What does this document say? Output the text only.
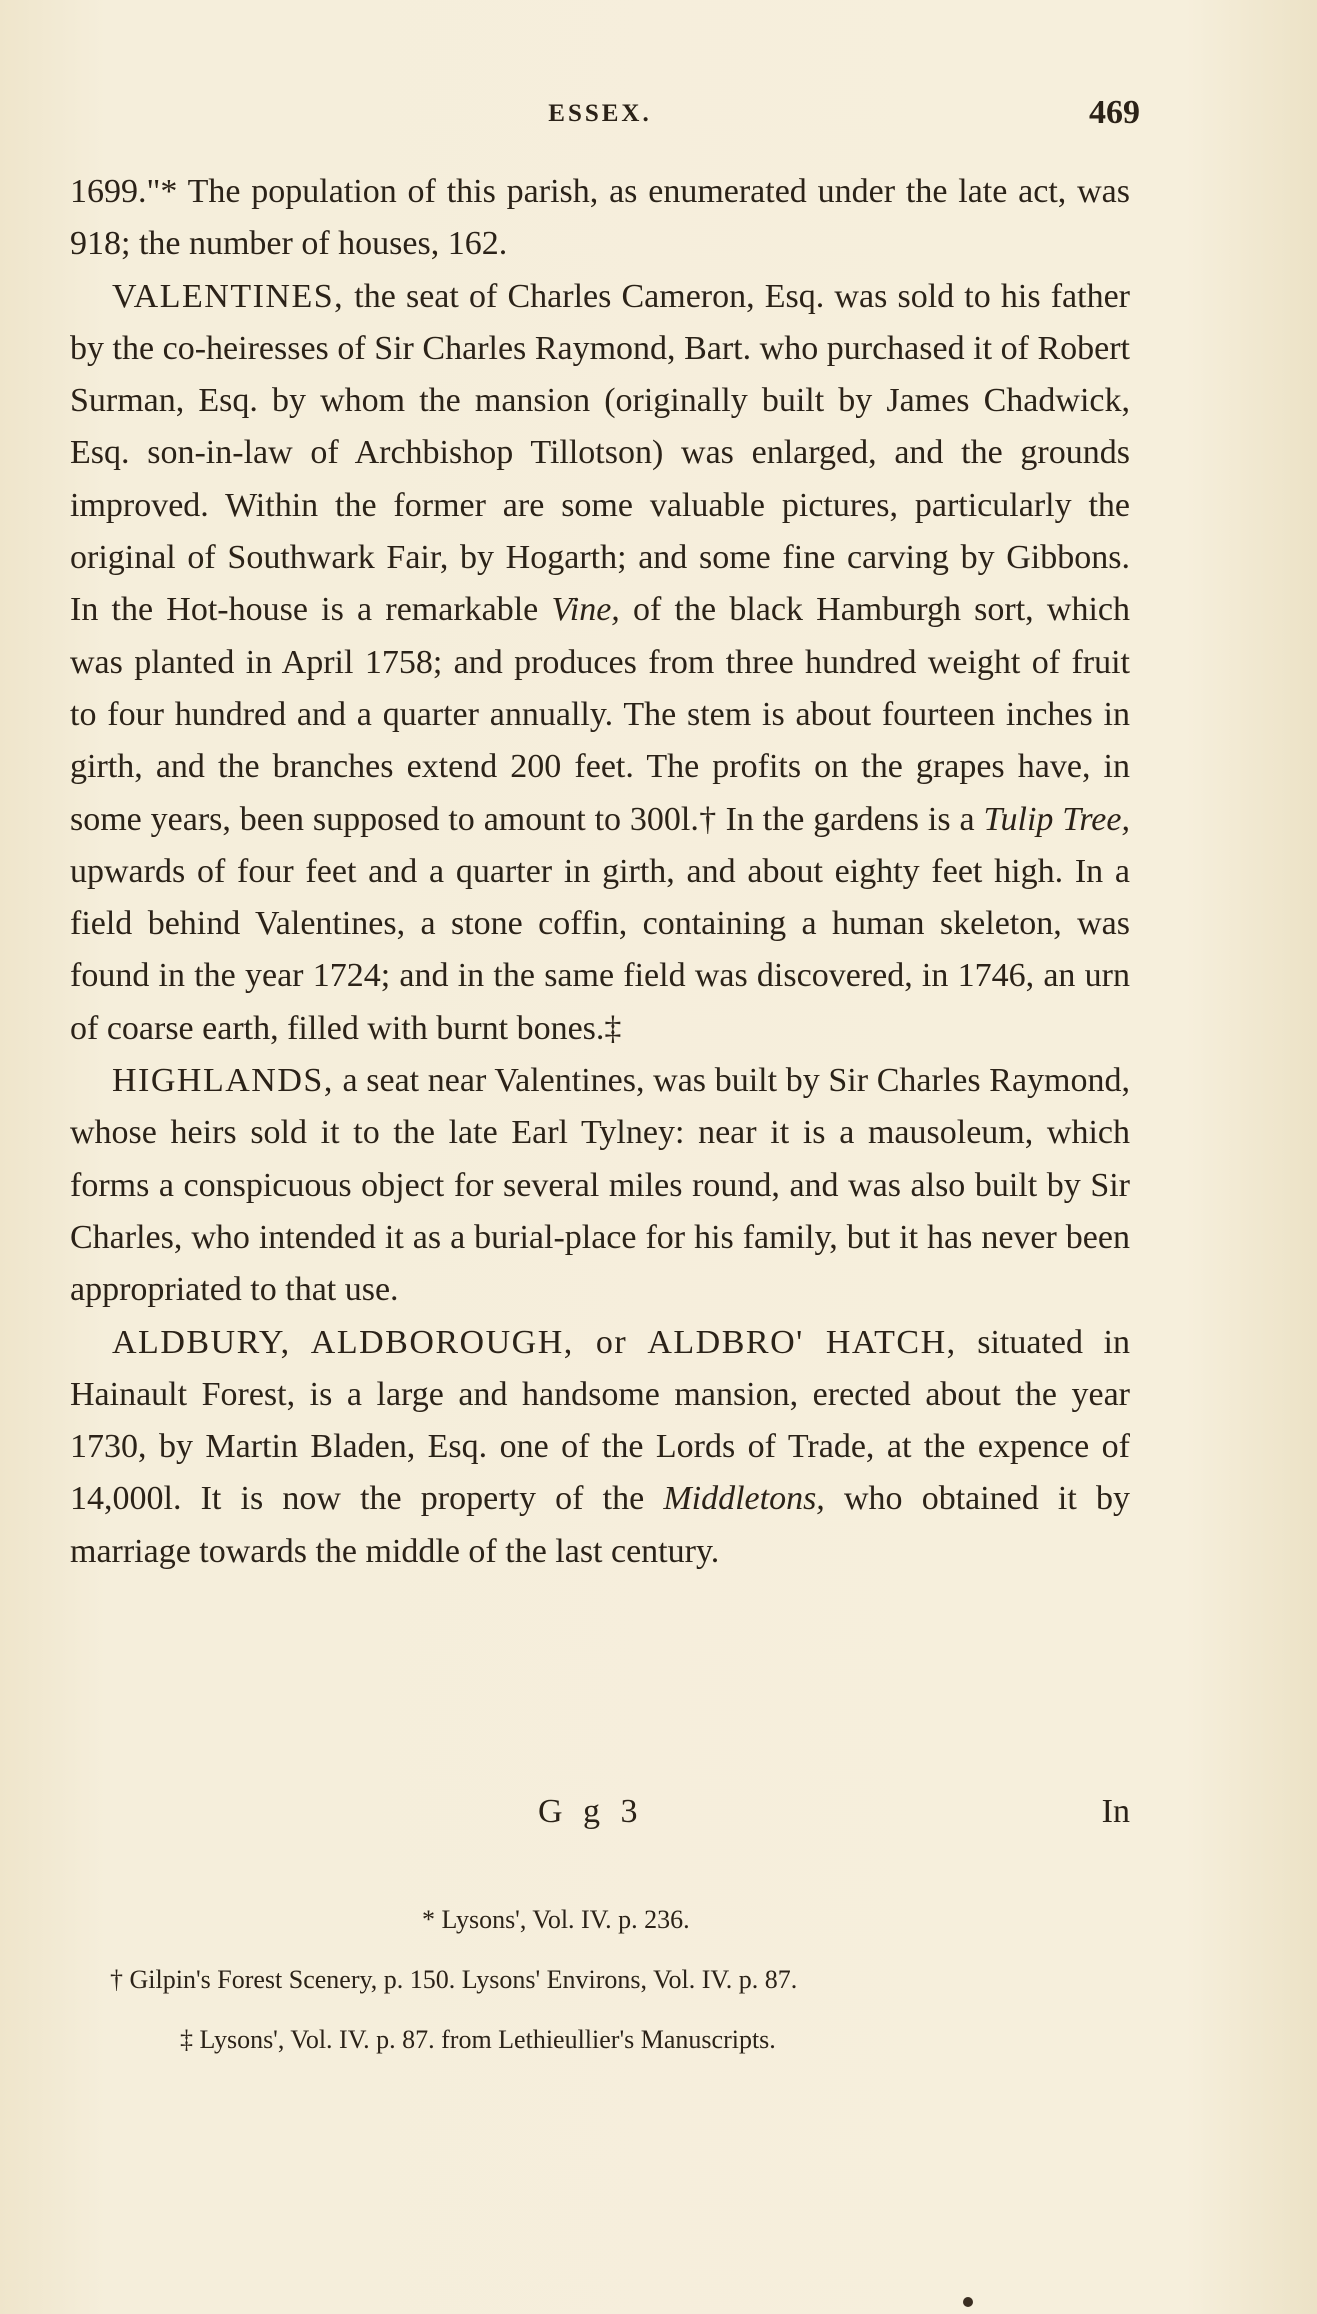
ESSEX.	469

1699."* The population of this parish, as enumerated under the late act, was 918; the number of houses, 162.

VALENTINES, the seat of Charles Cameron, Esq. was sold to his father by the co-heiresses of Sir Charles Raymond, Bart. who purchased it of Robert Surman, Esq. by whom the mansion (originally built by James Chadwick, Esq. son-in-law of Archbishop Tillotson) was enlarged, and the grounds improved. Within the former are some valuable pictures, particularly the original of Southwark Fair, by Hogarth; and some fine carving by Gibbons. In the Hot-house is a remarkable Vine, of the black Hamburgh sort, which was planted in April 1758; and produces from three hundred weight of fruit to four hundred and a quarter annually. The stem is about fourteen inches in girth, and the branches extend 200 feet. The profits on the grapes have, in some years, been supposed to amount to 300l.† In the gardens is a Tulip Tree, upwards of four feet and a quarter in girth, and about eighty feet high. In a field behind Valentines, a stone coffin, containing a human skeleton, was found in the year 1724; and in the same field was discovered, in 1746, an urn of coarse earth, filled with burnt bones.‡

HIGHLANDS, a seat near Valentines, was built by Sir Charles Raymond, whose heirs sold it to the late Earl Tylney: near it is a mausoleum, which forms a conspicuous object for several miles round, and was also built by Sir Charles, who intended it as a burial-place for his family, but it has never been appropriated to that use.

ALDBURY, ALDBOROUGH, or ALDBRO' HATCH, situated in Hainault Forest, is a large and handsome mansion, erected about the year 1730, by Martin Bladen, Esq. one of the Lords of Trade, at the expence of 14,000l. It is now the property of the Middletons, who obtained it by marriage towards the middle of the last century.

G g 3	In
* Lysons', Vol. IV. p. 236.
† Gilpin's Forest Scenery, p. 150. Lysons' Environs, Vol. IV. p. 87.
‡ Lysons', Vol. IV. p. 87. from Lethieullier's Manuscripts.
